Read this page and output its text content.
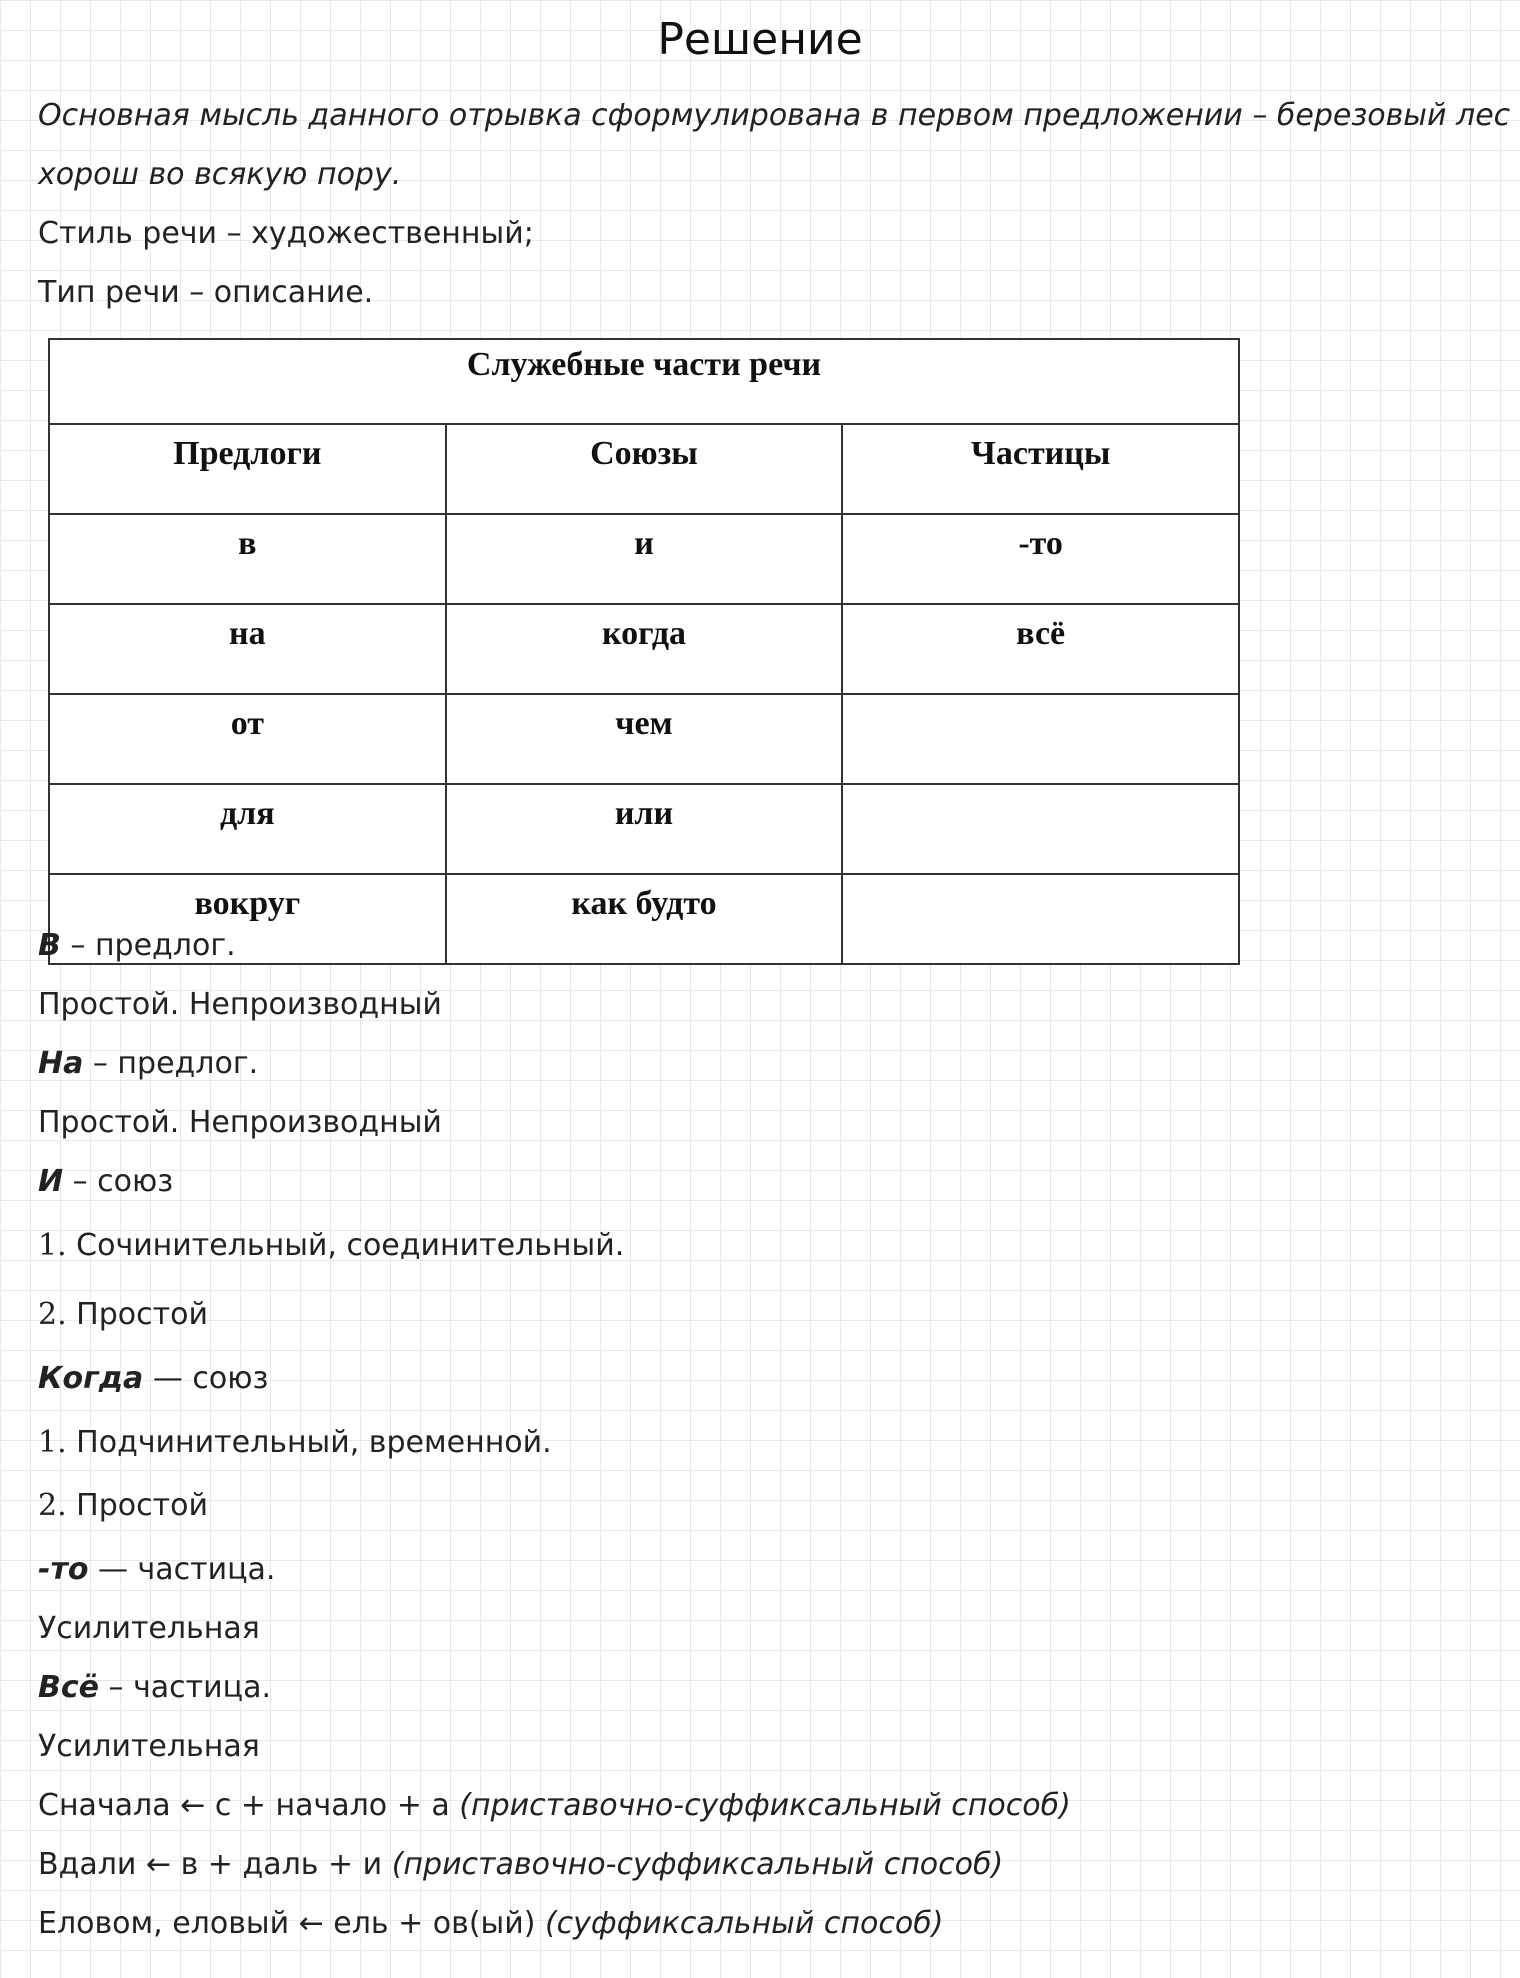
Решение
Основная мысль данного отрывка сформулирована в первом предложении – березовый лес
хорош во всякую пору.
Стиль речи – художественный;
Тип речи – описание.
Служебные части речи		
Предлоги	Союзы	Частицы
в	и	-то
на	когда	всё
от	чем	
для	или	
вокруг	как будто	
В – предлог.
Простой. Непроизводный
На – предлог.
Простой. Непроизводный
И – союз
1. Сочинительный, соединительный.
2. Простой
Когда — союз
1. Подчинительный, временной.
2. Простой
-то — частица.
Усилительная
Всё – частица.
Усилительная
Сначала ← с + начало + а (приставочно-суффиксальный способ)
Вдали ← в + даль + и (приставочно-суффиксальный способ)
Еловом, еловый ← ель + ов(ый) (суффиксальный способ)
